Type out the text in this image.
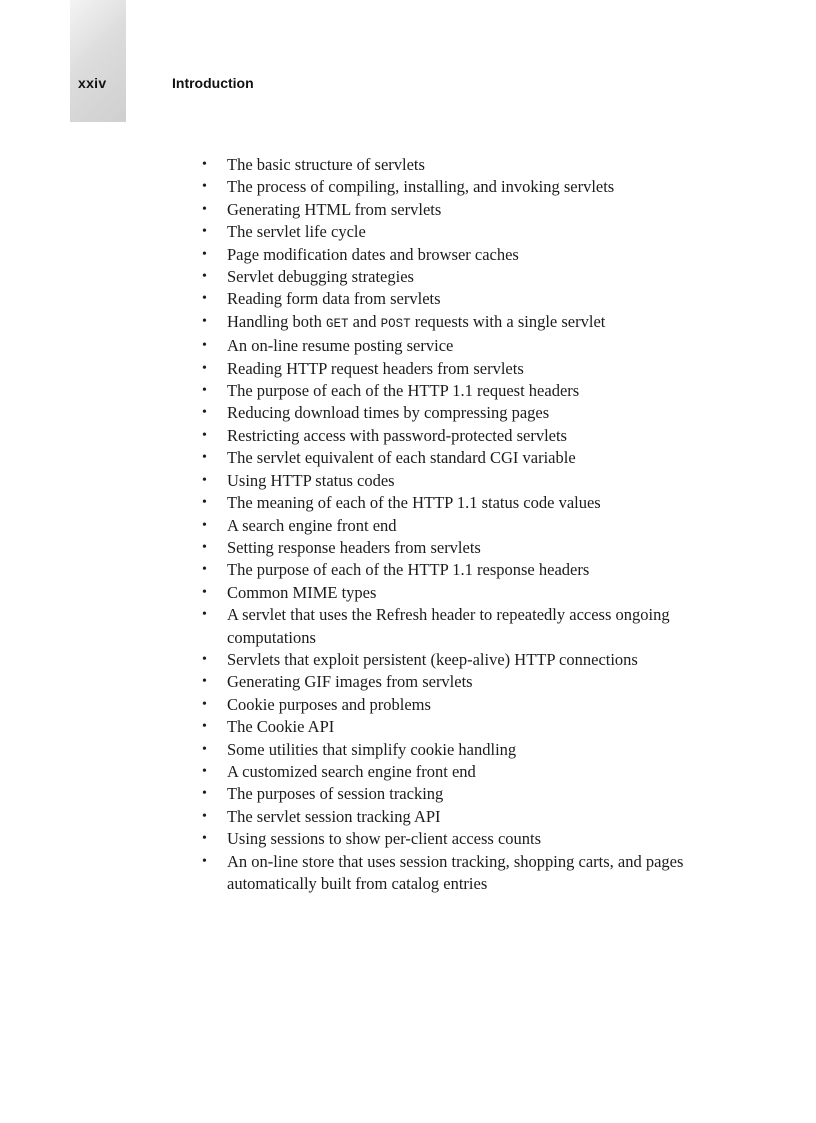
xxiv	Introduction
• The basic structure of servlets
• The process of compiling, installing, and invoking servlets
• Generating HTML from servlets
• The servlet life cycle
• Page modification dates and browser caches
• Servlet debugging strategies
• Reading form data from servlets
• Handling both GET and POST requests with a single servlet
• An on-line resume posting service
• Reading HTTP request headers from servlets
• The purpose of each of the HTTP 1.1 request headers
• Reducing download times by compressing pages
• Restricting access with password-protected servlets
• The servlet equivalent of each standard CGI variable
• Using HTTP status codes
• The meaning of each of the HTTP 1.1 status code values
• A search engine front end
• Setting response headers from servlets
• The purpose of each of the HTTP 1.1 response headers
• Common MIME types
• A servlet that uses the Refresh header to repeatedly access ongoing computations
• Servlets that exploit persistent (keep-alive) HTTP connections
• Generating GIF images from servlets
• Cookie purposes and problems
• The Cookie API
• Some utilities that simplify cookie handling
• A customized search engine front end
• The purposes of session tracking
• The servlet session tracking API
• Using sessions to show per-client access counts
• An on-line store that uses session tracking, shopping carts, and pages automatically built from catalog entries
